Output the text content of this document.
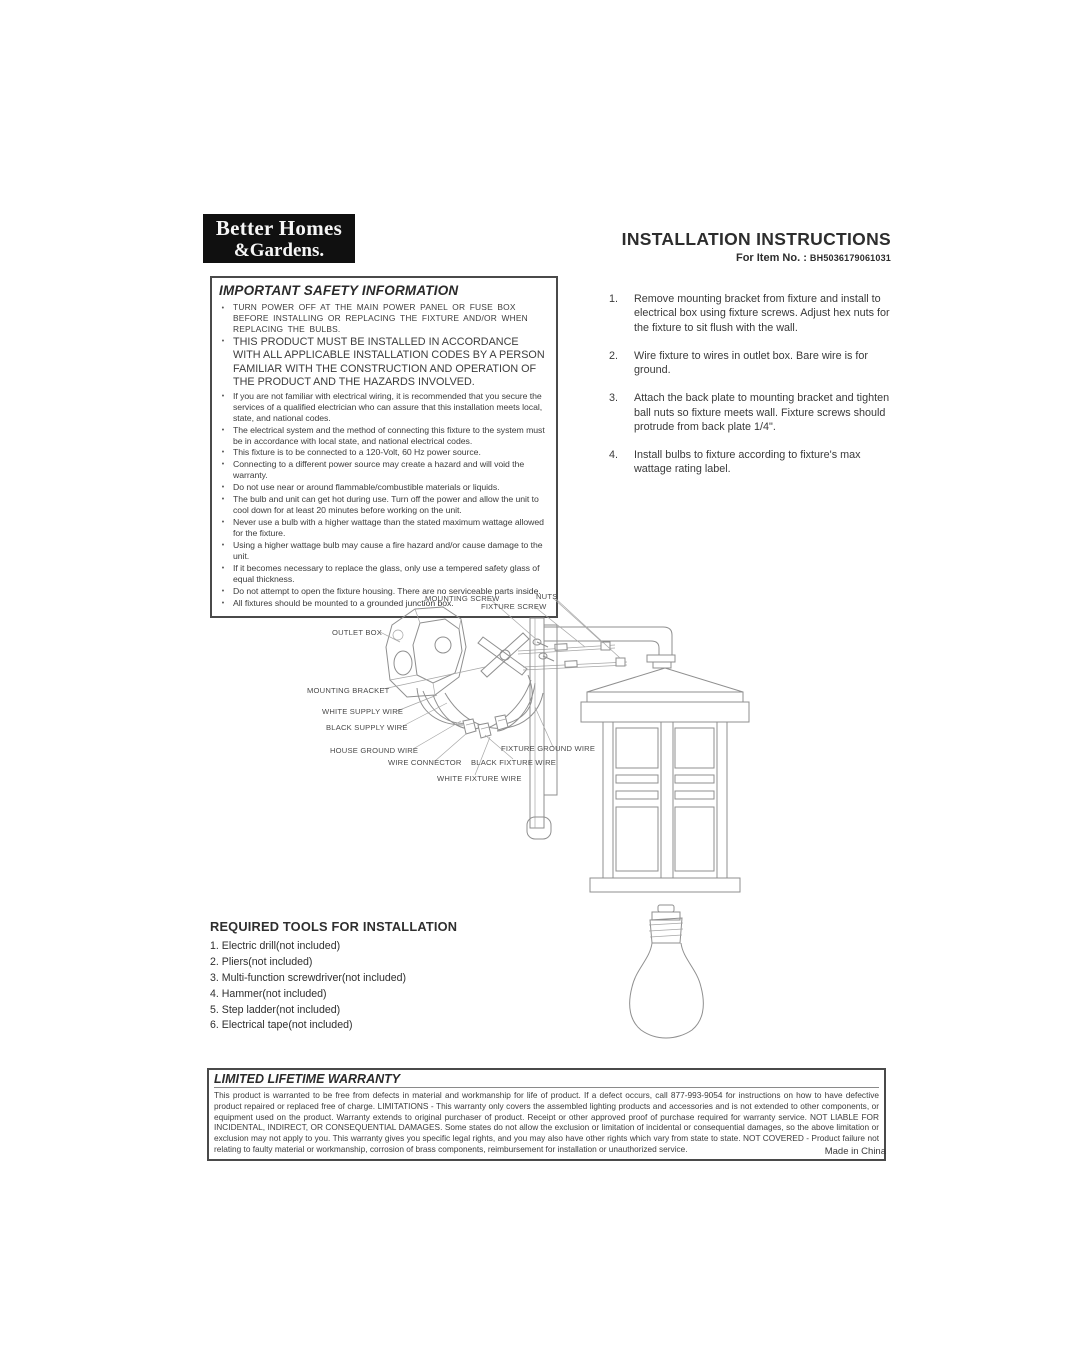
Better Homes
&Gardens.
INSTALLATION INSTRUCTIONS
For Item No. : BH5036179061031
IMPORTANT SAFETY INFORMATION
•	TURN POWER OFF AT THE MAIN POWER PANEL OR FUSE BOX BEFORE INSTALLING OR REPLACING THE FIXTURE AND/OR WHEN REPLACING THE BULBS.
• THIS PRODUCT MUST BE INSTALLED IN ACCORDANCE WITH ALL APPLICABLE INSTALLATION CODES BY A PERSON FAMILIAR WITH THE CONSTRUCTION AND OPERATION OF THE PRODUCT AND THE HAZARDS INVOLVED.
•	If you are not familiar with electrical wiring, it is recommended that you secure the services of a qualified electrician who can assure that this installation meets local, state, and national codes.
•	The electrical system and the method of connecting this fixture to the system must be in accordance with local state, and national electrical codes.
•	This fixture is to be connected to a 120-Volt, 60 Hz power source.
•	Connecting to a different power source may create a hazard and will void the warranty.
•	Do not use near or around flammable/combustible materials or liquids.
•	The bulb and unit can get hot during use. Turn off the power and allow the unit to cool down for at least 20 minutes before working on the unit.
•	Never use a bulb with a higher wattage than the stated maximum wattage allowed for the fixture.
•	Using a higher wattage bulb may cause a fire hazard and/or cause damage to the unit.
•	If it becomes necessary to replace the glass, only use a tempered safety glass of equal thickness.
•	Do not attempt to open the fixture housing. There are no serviceable parts inside.
•	All fixtures should be mounted to a grounded junction box.
1.	Remove mounting bracket from fixture and install to electrical box using fixture screws. Adjust hex nuts for the fixture to sit flush with the wall.
2.	Wire fixture to wires in outlet box. Bare wire is for ground.
3.	Attach the back plate to mounting bracket and tighten ball nuts so fixture meets wall. Fixture screws should protrude from back plate 1/4".
4.	Install bulbs to fixture according to fixture's max wattage rating label.
MOUNTING SCREW
FIXTURE SCREW
NUTS
OUTLET BOX
MOUNTING BRACKET
WHITE SUPPLY WIRE
BLACK SUPPLY WIRE
HOUSE GROUND WIRE
WIRE CONNECTOR BLACK FIXTURE WIRE
WHITE FIXTURE WIRE
FIXTURE GROUND WIRE
REQUIRED TOOLS FOR INSTALLATION
1. Electric drill(not included)
2. Pliers(not included)
3. Multi-function screwdriver(not included)
4. Hammer(not included)
5. Step ladder(not included)
6. Electrical tape(not included)
LIMITED LIFETIME WARRANTY
This product is warranted to be free from defects in material and workmanship for life of product. If a defect occurs, call 877-993-9054 for instructions on how to have defective product repaired or replaced free of charge. LIMITATIONS - This warranty only covers the assembled lighting products and accessories and is not extended to other components, or equipment used on the product. Warranty extends to original purchaser of product. Receipt or other approved proof of purchase required for warranty service. NOT LIABLE FOR INCIDENTAL, INDIRECT, OR CONSEQUENTIAL DAMAGES. Some states do not allow the exclusion or limitation of incidental or consequential damages, so the above limitation or exclusion may not apply to you. This warranty gives you specific legal rights, and you may also have other rights which vary from state to state. NOT COVERED - Product failure not relating to faulty material or workmanship, corrosion of brass components, reimbursement for installation or unauthorized service.	Made in China
